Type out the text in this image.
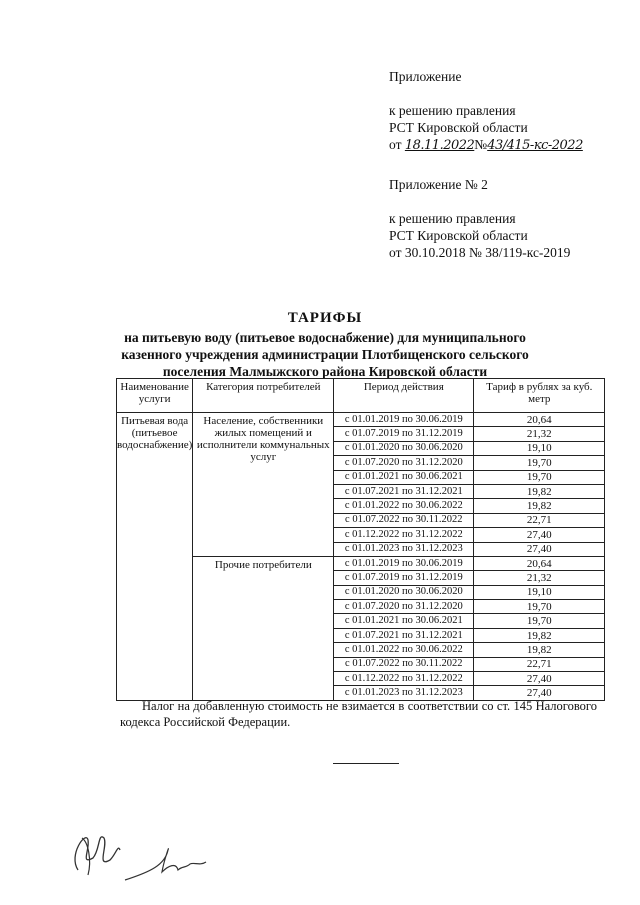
Приложение
к решению правления
РСТ Кировской области
от 18.11.2022№43/415-кс-2022
Приложение № 2
к решению правления
РСТ Кировской области
от 30.10.2018 № 38/119-кс-2019
ТАРИФЫ
на питьевую воду (питьевое водоснабжение) для муниципального
казенного учреждения администрации Плотбищенского сельского
поселения Малмыжского района Кировской области
Наименование услуги	Категория потребителей	Период действия	Тариф в рублях за куб. метр
Питьевая вода (питьевое водоснабжение)	Население, собственники жилых помещений и исполнители коммунальных услуг	с 01.01.2019 по 30.06.2019	20,64
		с 01.07.2019 по 31.12.2019	21,32
		с 01.01.2020 по 30.06.2020	19,10
		с 01.07.2020 по 31.12.2020	19,70
		с 01.01.2021 по 30.06.2021	19,70
		с 01.07.2021 по 31.12.2021	19,82
		с 01.01.2022 по 30.06.2022	19,82
		с 01.07.2022 по 30.11.2022	22,71
		с 01.12.2022 по 31.12.2022	27,40
		с 01.01.2023 по 31.12.2023	27,40
	Прочие потребители	с 01.01.2019 по 30.06.2019	20,64
		с 01.07.2019 по 31.12.2019	21,32
		с 01.01.2020 по 30.06.2020	19,10
		с 01.07.2020 по 31.12.2020	19,70
		с 01.01.2021 по 30.06.2021	19,70
		с 01.07.2021 по 31.12.2021	19,82
		с 01.01.2022 по 30.06.2022	19,82
		с 01.07.2022 по 30.11.2022	22,71
		с 01.12.2022 по 31.12.2022	27,40
		с 01.01.2023 по 31.12.2023	27,40
Налог на добавленную стоимость не взимается в соответствии со ст. 145 Налогового кодекса Российской Федерации.
